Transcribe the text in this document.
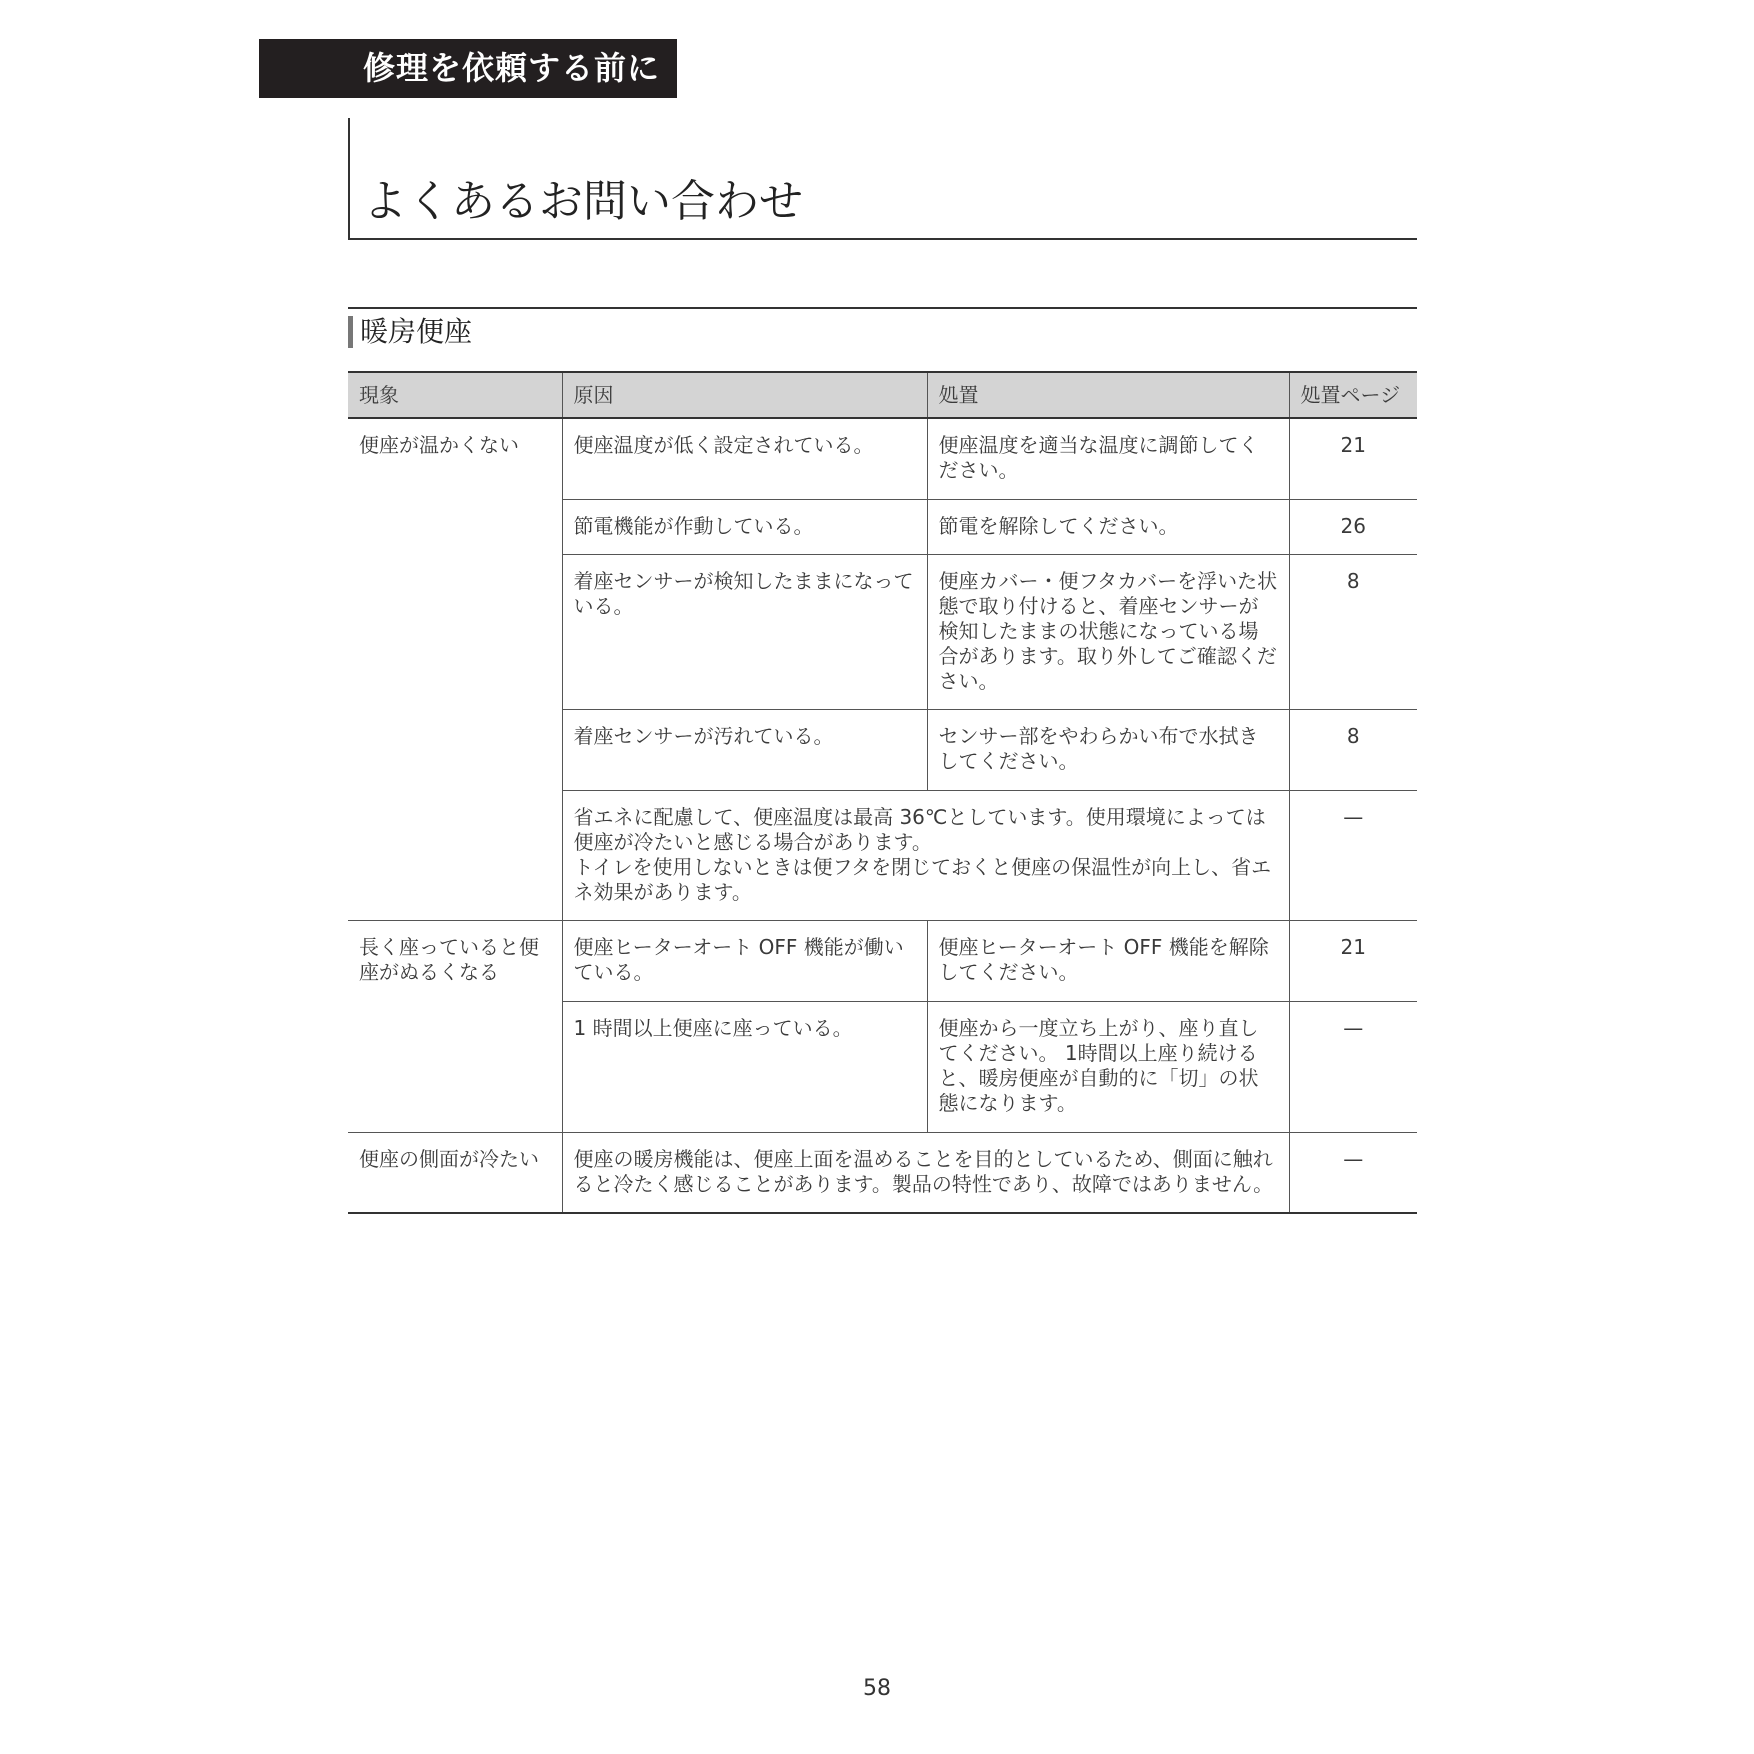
修理を依頼する前に
よくあるお問い合わせ
暖房便座
現象	原因	処置	処置ページ
便座が温かくない	便座温度が低く設定されている。	便座温度を適当な温度に調節してください。	21
	節電機能が作動している。	節電を解除してください。	26
	着座センサーが検知したままになっている。	便座カバー・便フタカバーを浮いた状態で取り付けると、着座センサーが検知したままの状態になっている場合があります。取り外してご確認ください。	8
	着座センサーが汚れている。	センサー部をやわらかい布で水拭きしてください。	8
	省エネに配慮して、便座温度は最高 36℃としています。使用環境によっては便座が冷たいと感じる場合があります。
トイレを使用しないときは便フタを閉じておくと便座の保温性が向上し、省エネ効果があります。		—
長く座っていると便座がぬるくなる	便座ヒーターオート OFF 機能が働いている。	便座ヒーターオート OFF 機能を解除してください。	21
	1 時間以上便座に座っている。	便座から一度立ち上がり、座り直してください。 1時間以上座り続けると、暖房便座が自動的に「切」の状態になります。	—
便座の側面が冷たい	便座の暖房機能は、便座上面を温めることを目的としているため、側面に触れると冷たく感じることがあります。製品の特性であり、故障ではありません。		—
58
